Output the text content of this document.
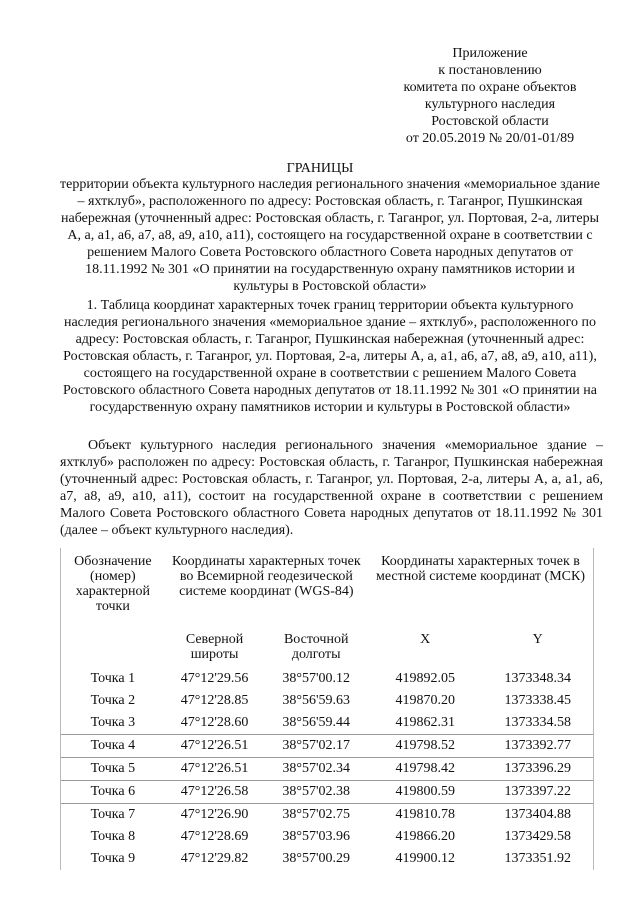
Приложение
к постановлению
комитета по охране объектов
культурного наследия
Ростовской области
от 20.05.2019 № 20/01-01/89
ГРАНИЦЫ
территории объекта культурного наследия регионального значения «мемориальное здание – яхтклуб», расположенного по адресу: Ростовская область, г. Таганрог, Пушкинская набережная (уточненный адрес: Ростовская область, г. Таганрог, ул. Портовая, 2-а, литеры А, а, а1, а6, а7, а8, а9, а10, а11), состоящего на государственной охране в соответствии с решением Малого Совета Ростовского областного Совета народных депутатов от 18.11.1992 № 301 «О принятии на государственную охрану памятников истории и культуры в Ростовской области»
1. Таблица координат характерных точек границ территории объекта культурного наследия регионального значения «мемориальное здание – яхтклуб», расположенного по адресу: Ростовская область, г. Таганрог, Пушкинская набережная (уточненный адрес: Ростовская область, г. Таганрог, ул. Портовая, 2-а, литеры А, а, а1, а6, а7, а8, а9, а10, а11), состоящего на государственной охране в соответствии с решением Малого Совета Ростовского областного Совета народных депутатов от 18.11.1992 № 301 «О принятии на государственную охрану памятников истории и культуры в Ростовской области»
Объект культурного наследия регионального значения «мемориальное здание – яхтклуб» расположен по адресу: Ростовская область, г. Таганрог, Пушкинская набережная (уточненный адрес: Ростовская область, г. Таганрог, ул. Портовая, 2-а, литеры А, а, а1, а6, а7, а8, а9, а10, а11), состоит на государственной охране в соответствии с решением Малого Совета Ростовского областного Совета народных депутатов от 18.11.1992 № 301 (далее – объект культурного наследия).
Обозначение (номер) характерной точки	Координаты характерных точек во Всемирной геодезической системе координат (WGS-84)		Координаты характерных точек в местной системе координат (МСК)	
	Северной широты	Восточной долготы	X	Y
Точка 1	47°12'29.56	38°57'00.12	419892.05	1373348.34
Точка 2	47°12'28.85	38°56'59.63	419870.20	1373338.45
Точка 3	47°12'28.60	38°56'59.44	419862.31	1373334.58
Точка 4	47°12'26.51	38°57'02.17	419798.52	1373392.77
Точка 5	47°12'26.51	38°57'02.34	419798.42	1373396.29
Точка 6	47°12'26.58	38°57'02.38	419800.59	1373397.22
Точка 7	47°12'26.90	38°57'02.75	419810.78	1373404.88
Точка 8	47°12'28.69	38°57'03.96	419866.20	1373429.58
Точка 9	47°12'29.82	38°57'00.29	419900.12	1373351.92
